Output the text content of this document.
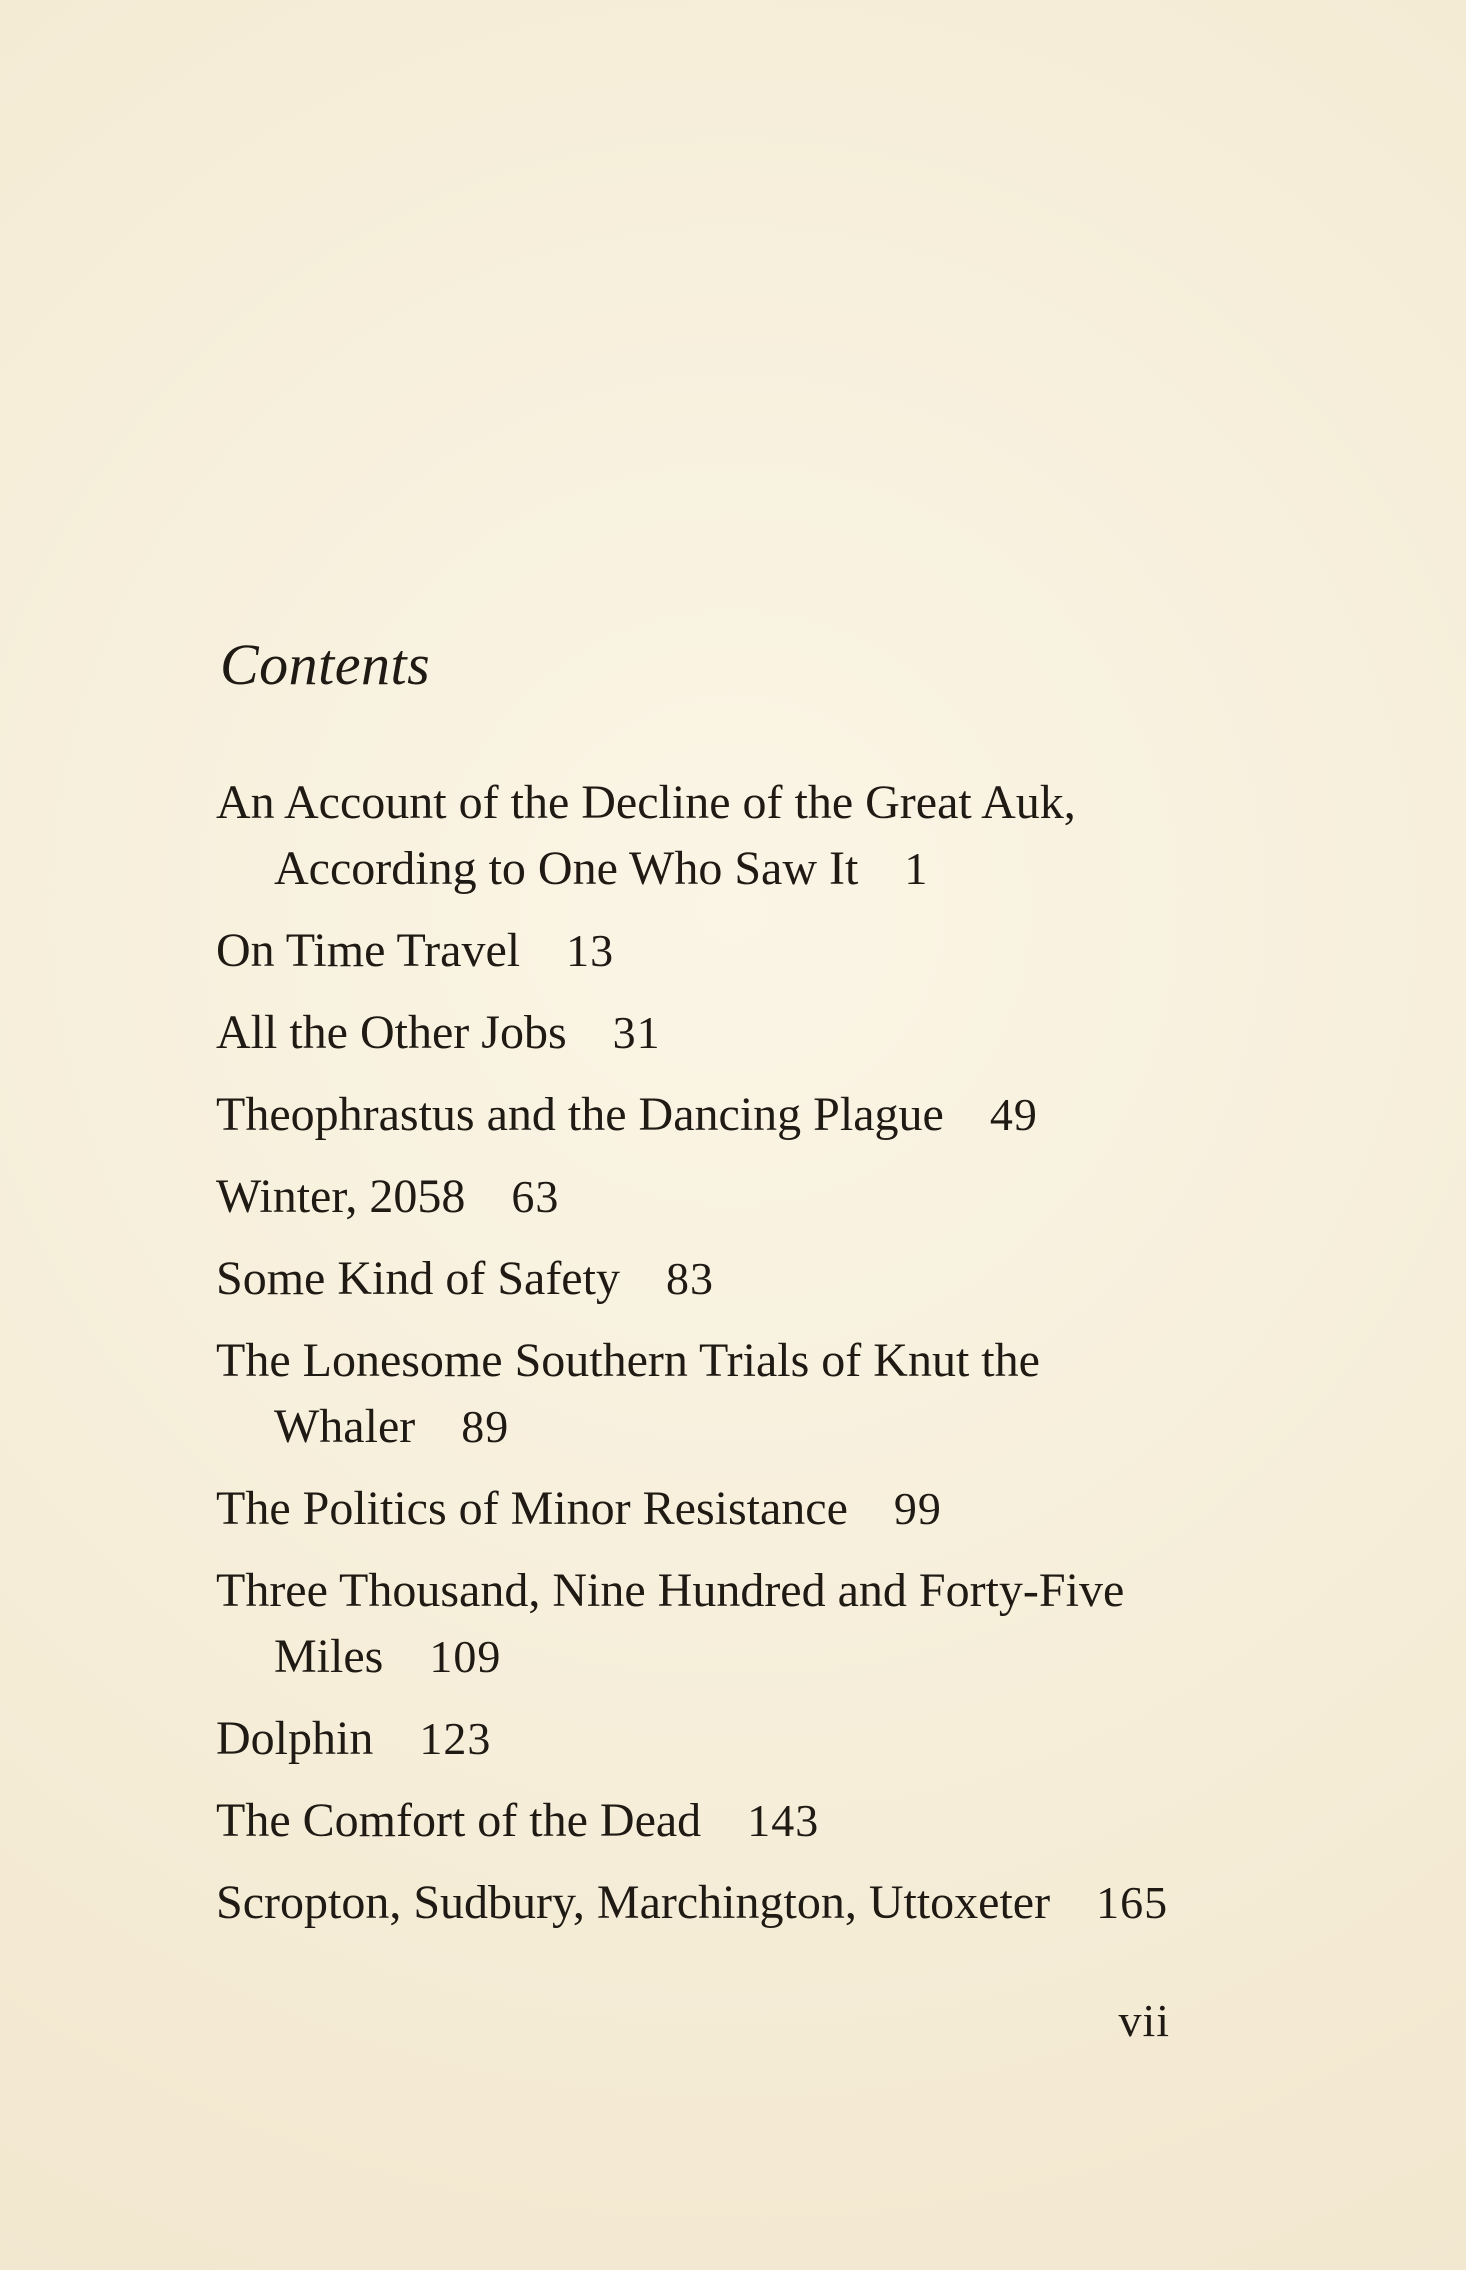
Contents
An Account of the Decline of the Great Auk, According to One Who Saw It 1
On Time Travel 13
All the Other Jobs 31
Theophrastus and the Dancing Plague 49
Winter, 2058 63
Some Kind of Safety 83
The Lonesome Southern Trials of Knut the Whaler 89
The Politics of Minor Resistance 99
Three Thousand, Nine Hundred and Forty-Five Miles 109
Dolphin 123
The Comfort of the Dead 143
Scropton, Sudbury, Marchington, Uttoxeter 165
vii
